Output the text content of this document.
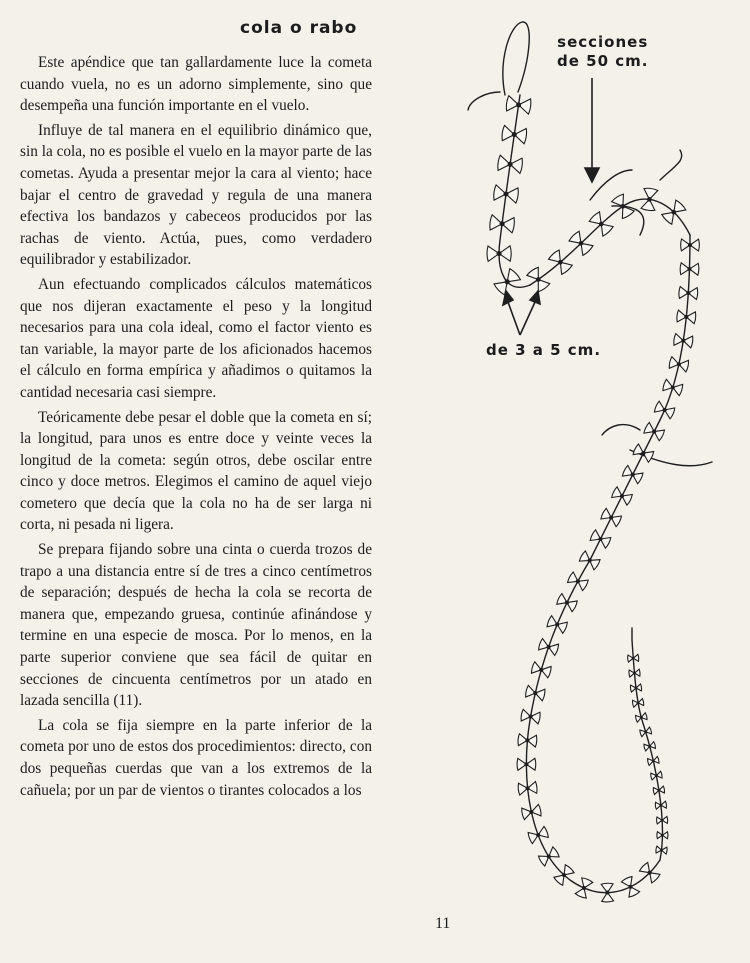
cola o rabo

Este apéndice que tan gallardamente luce la cometa cuando vuela, no es un adorno simplemente, sino que desempeña una función importante en el vuelo.

Influye de tal manera en el equilibrio dinámico que, sin la cola, no es posible el vuelo en la mayor parte de las cometas. Ayuda a presentar mejor la cara al viento; hace bajar el centro de gravedad y regula de una manera efectiva los bandazos y cabeceos producidos por las rachas de viento. Actúa, pues, como verdadero equilibrador y estabilizador.

Aun efectuando complicados cálculos matemáticos que nos dijeran exactamente el peso y la longitud necesarios para una cola ideal, como el factor viento es tan variable, la mayor parte de los aficionados hacemos el cálculo en forma empírica y añadimos o quitamos la cantidad necesaria casi siempre.

Teóricamente debe pesar el doble que la cometa en sí; la longitud, para unos es entre doce y veinte veces la longitud de la cometa: según otros, debe oscilar entre cinco y doce metros. Elegimos el camino de aquel viejo cometero que decía que la cola no ha de ser larga ni corta, ni pesada ni ligera.

Se prepara fijando sobre una cinta o cuerda trozos de trapo a una distancia entre sí de tres a cinco centímetros de separación; después de hecha la cola se recorta de manera que, empezando gruesa, continúe afinándose y termine en una especie de mosca. Por lo menos, en la parte superior conviene que sea fácil de quitar en secciones de cincuenta centímetros por un atado en lazada sencilla (11).

La cola se fija siempre en la parte inferior de la cometa por uno de estos dos procedimientos: directo, con dos pequeñas cuerdas que van a los extremos de la cañuela; por un par de vientos o tirantes colocados a los

secciones
de 50 cm.
de 3 a 5 cm.
11
